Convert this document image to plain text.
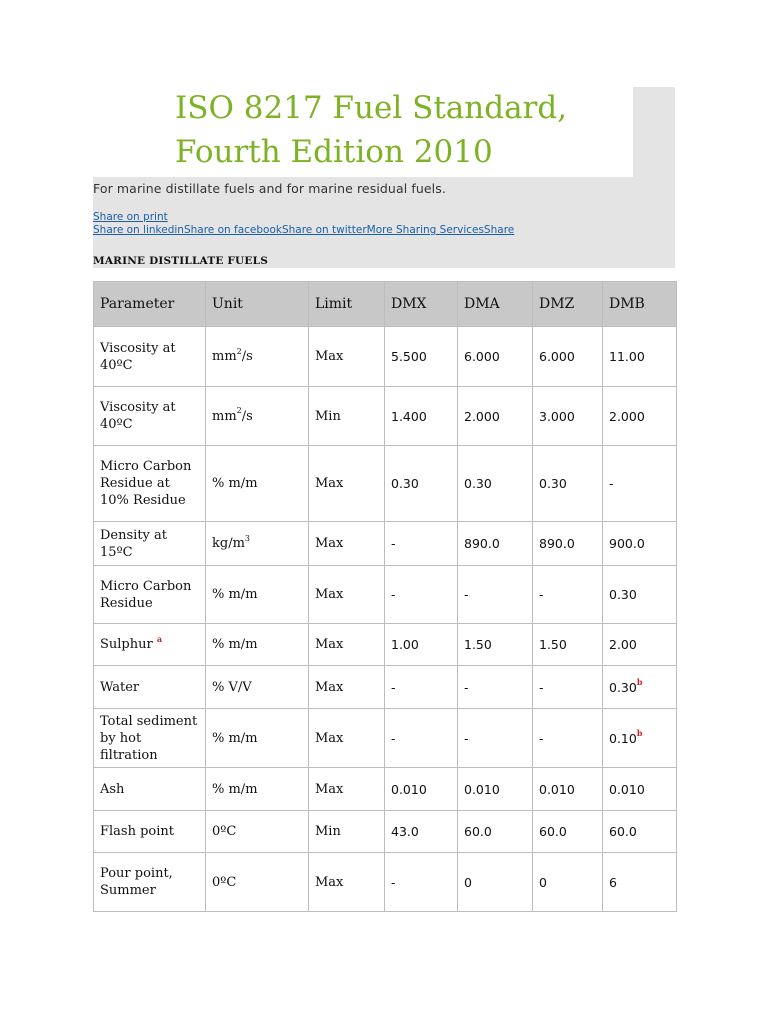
ISO 8217 Fuel Standard, Fourth Edition 2010
For marine distillate fuels and for marine residual fuels.
Share on print
Share on linkedinShare on facebookShare on twitterMore Sharing ServicesShare
MARINE DISTILLATE FUELS
Parameter	Unit	Limit	DMX	DMA	DMZ	DMB
Viscosity at 40ºC	$mm^2/s$	Max	5.500	6.000	6.000	11.00
Viscosity at 40ºC	$mm^2/s$	Min	1.400	2.000	3.000	2.000
Micro Carbon Residue at 10% Residue	% m/m	Max	0.30	0.30	0.30	-
Density at 15ºC	$kg/m^3$	Max	-	890.0	890.0	900.0
Micro Carbon Residue	% m/m	Max	-	-	-	0.30
Sulphur $^a$	% m/m	Max	1.00	1.50	1.50	2.00
Water	% V/V	Max	-	-	-	0.30$^b$
Total sediment by hot filtration	% m/m	Max	-	-	-	0.10$^b$
Ash	% m/m	Max	0.010	0.010	0.010	0.010
Flash point	0ºC	Min	43.0	60.0	60.0	60.0
Pour point, Summer	0ºC	Max	-	0	0	6
